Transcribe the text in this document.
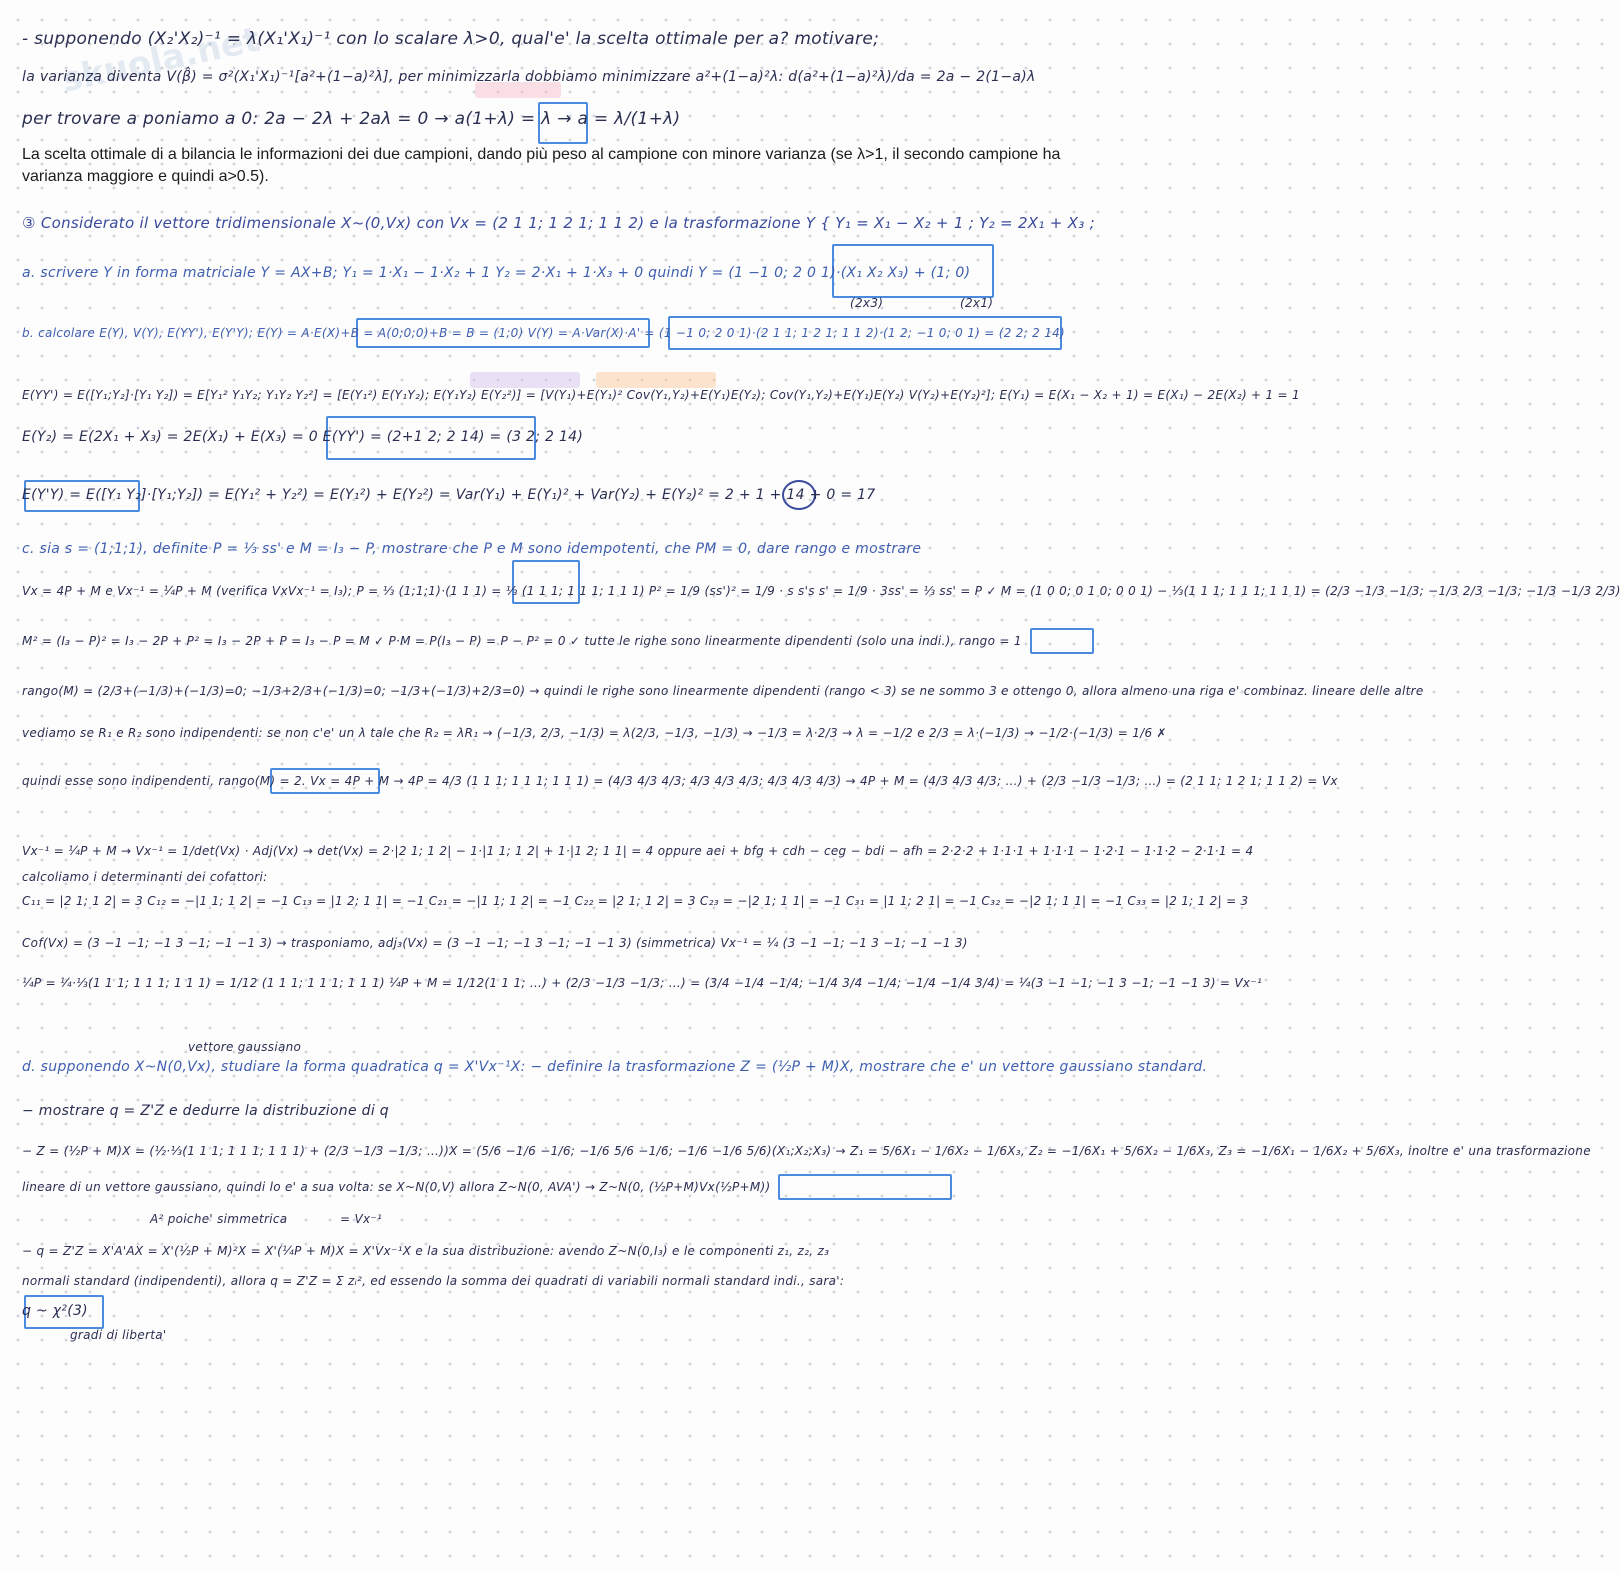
skuola.net
- supponendo (X₂'X₂)⁻¹ = λ(X₁'X₁)⁻¹ con lo scalare λ>0, qual'e' la scelta ottimale per a? motivare;
la varianza diventa V(β̂) = σ²(X₁'X₁)⁻¹[a²+(1−a)²λ], per minimizzarla dobbiamo minimizzare a²+(1−a)²λ: d(a²+(1−a)²λ)/da = 2a − 2(1−a)λ
per trovare a poniamo a 0: 2a − 2λ + 2aλ = 0 → a(1+λ) = λ → a = λ/(1+λ)
La scelta ottimale di a bilancia le informazioni dei due campioni, dando più peso al campione con minore varianza (se λ>1, il secondo campione ha varianza maggiore e quindi a>0.5).
③ Considerato il vettore tridimensionale X~(0,Vx) con Vx = (2 1 1; 1 2 1; 1 1 2) e la trasformazione Y { Y₁ = X₁ − X₂ + 1 ; Y₂ = 2X₁ + X₃ ;
a. scrivere Y in forma matriciale Y = AX+B; Y₁ = 1·X₁ − 1·X₂ + 1 Y₂ = 2·X₁ + 1·X₃ + 0 quindi Y = (1 −1 0; 2 0 1)·(X₁ X₂ X₃) + (1; 0)
(2x3)	(2x1)
b. calcolare E(Y), V(Y), E(YY'), E(Y'Y); E(Y) = A·E(X)+B = A(0;0;0)+B = B = (1;0) V(Y) = A·Var(X)·A' = (1 −1 0; 2 0 1)·(2 1 1; 1 2 1; 1 1 2)·(1 2; −1 0; 0 1) = (2 2; 2 14)
E(YY') = E([Y₁;Y₂]·[Y₁ Y₂]) = E[Y₁² Y₁Y₂; Y₁Y₂ Y₂²] = [E(Y₁²) E(Y₁Y₂); E(Y₁Y₂) E(Y₂²)] = [V(Y₁)+E(Y₁)² Cov(Y₁,Y₂)+E(Y₁)E(Y₂); Cov(Y₁,Y₂)+E(Y₁)E(Y₂) V(Y₂)+E(Y₂)²]; E(Y₁) = E(X₁ − X₂ + 1) = E(X₁) − 2E(X₂) + 1 = 1
E(Y₂) = E(2X₁ + X₃) = 2E(X₁) + E(X₃) = 0 E(YY') = (2+1 2; 2 14) = (3 2; 2 14)
E(Y'Y) = E([Y₁ Y₂]·[Y₁;Y₂]) = E(Y₁² + Y₂²) = E(Y₁²) + E(Y₂²) = Var(Y₁) + E(Y₁)² + Var(Y₂) + E(Y₂)² = 2 + 1 + 14 + 0 = 17
c. sia s = (1;1;1), definite P = ⅓ ss' e M = I₃ − P, mostrare che P e M sono idempotenti, che PM = 0, dare rango e mostrare
Vx = 4P + M e Vx⁻¹ = ¼P + M (verifica VxVx⁻¹ = I₃); P = ⅓ (1;1;1)·(1 1 1) = ⅓ (1 1 1; 1 1 1; 1 1 1) P² = 1/9 (ss')² = 1/9 · s s's s' = 1/9 · 3ss' = ⅓ ss' = P ✓ M = (1 0 0; 0 1 0; 0 0 1) − ⅓(1 1 1; 1 1 1; 1 1 1) = (2/3 −1/3 −1/3; −1/3 2/3 −1/3; −1/3 −1/3 2/3)
M² = (I₃ − P)² = I₃ − 2P + P² = I₃ − 2P + P = I₃ − P = M ✓ P·M = P(I₃ − P) = P − P² = 0 ✓ tutte le righe sono linearmente dipendenti (solo una indi.), rango = 1
rango(M) = (2/3+(−1/3)+(−1/3)=0; −1/3+2/3+(−1/3)=0; −1/3+(−1/3)+2/3=0) → quindi le righe sono linearmente dipendenti (rango < 3) se ne sommo 3 e ottengo 0, allora almeno una riga e' combinaz. lineare delle altre
vediamo se R₁ e R₂ sono indipendenti: se non c'e' un λ tale che R₂ = λR₁ → (−1/3, 2/3, −1/3) = λ(2/3, −1/3, −1/3) → −1/3 = λ·2/3 → λ = −1/2 e 2/3 = λ·(−1/3) → −1/2·(−1/3) = 1/6 ✗
quindi esse sono indipendenti, rango(M) = 2. Vx = 4P + M → 4P = 4/3 (1 1 1; 1 1 1; 1 1 1) = (4/3 4/3 4/3; 4/3 4/3 4/3; 4/3 4/3 4/3) → 4P + M = (4/3 4/3 4/3; …) + (2/3 −1/3 −1/3; …) = (2 1 1; 1 2 1; 1 1 2) = Vx
Vx⁻¹ = ¼P + M → Vx⁻¹ = 1/det(Vx) · Adj(Vx) → det(Vx) = 2·|2 1; 1 2| − 1·|1 1; 1 2| + 1·|1 2; 1 1| = 4 oppure aei + bfg + cdh − ceg − bdi − afh = 2·2·2 + 1·1·1 + 1·1·1 − 1·2·1 − 1·1·2 − 2·1·1 = 4
calcoliamo i determinanti dei cofattori:
C₁₁ = |2 1; 1 2| = 3 C₁₂ = −|1 1; 1 2| = −1 C₁₃ = |1 2; 1 1| = −1 C₂₁ = −|1 1; 1 2| = −1 C₂₂ = |2 1; 1 2| = 3 C₂₃ = −|2 1; 1 1| = −1 C₃₁ = |1 1; 2 1| = −1 C₃₂ = −|2 1; 1 1| = −1 C₃₃ = |2 1; 1 2| = 3
Cof(Vx) = (3 −1 −1; −1 3 −1; −1 −1 3) → trasponiamo, adj₃(Vx) = (3 −1 −1; −1 3 −1; −1 −1 3) (simmetrica) Vx⁻¹ = ¼ (3 −1 −1; −1 3 −1; −1 −1 3)
¼P = ¼·⅓(1 1 1; 1 1 1; 1 1 1) = 1/12 (1 1 1; 1 1 1; 1 1 1) ¼P + M = 1/12(1 1 1; …) + (2/3 −1/3 −1/3; …) = (3/4 −1/4 −1/4; −1/4 3/4 −1/4; −1/4 −1/4 3/4) = ¼(3 −1 −1; −1 3 −1; −1 −1 3) = Vx⁻¹
vettore gaussiano
d. supponendo X~N(0,Vx), studiare la forma quadratica q = X'Vx⁻¹X: − definire la trasformazione Z = (½P + M)X, mostrare che e' un vettore gaussiano standard.
− mostrare q = Z'Z e dedurre la distribuzione di q
− Z = (½P + M)X = (½·⅓(1 1 1; 1 1 1; 1 1 1) + (2/3 −1/3 −1/3; …))X = (5/6 −1/6 −1/6; −1/6 5/6 −1/6; −1/6 −1/6 5/6)(X₁;X₂;X₃) → Z₁ = 5/6X₁ − 1/6X₂ − 1/6X₃, Z₂ = −1/6X₁ + 5/6X₂ − 1/6X₃, Z₃ = −1/6X₁ − 1/6X₂ + 5/6X₃, inoltre e' una trasformazione
lineare di un vettore gaussiano, quindi lo e' a sua volta: se X~N(0,V) allora Z~N(0, AVA') → Z~N(0, (½P+M)Vx(½P+M))
A² poiche' simmetrica	= Vx⁻¹
− q = Z'Z = X'A'AX = X'(½P + M)²X = X'(¼P + M)X = X'Vx⁻¹X e la sua distribuzione: avendo Z~N(0,I₃) e le componenti z₁, z₂, z₃
normali standard (indipendenti), allora q = Z'Z = Σ zᵢ², ed essendo la somma dei quadrati di variabili normali standard indi., sara':
q ~ χ²(3)
gradi di liberta'
